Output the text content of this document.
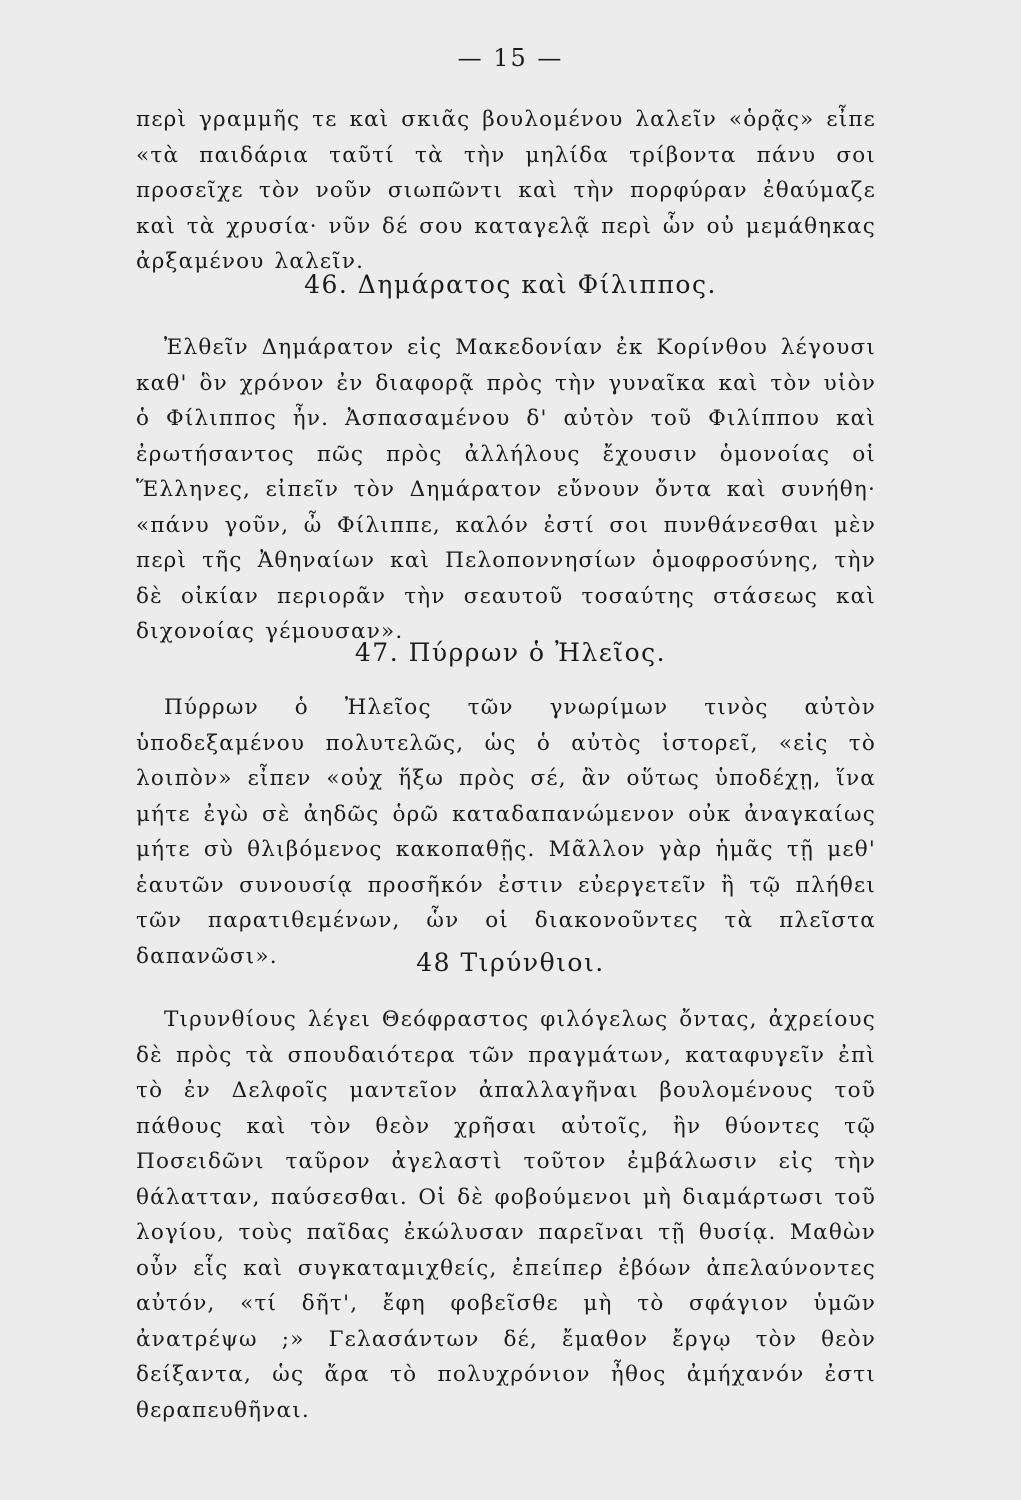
— 15 —

περὶ γραμμῆς τε καὶ σκιᾶς βουλομένου λαλεῖν «ὁρᾷς» εἶπε «τὰ παιδάρια ταῦτί τὰ τὴν μηλίδα τρίβοντα πάνυ σοι προσεῖχε τὸν νοῦν σιωπῶντι καὶ τὴν πορφύραν ἐθαύμαζε καὶ τὰ χρυσία· νῦν δέ σου καταγελᾷ περὶ ὧν οὐ μεμάθηκας ἀρξαμένου λαλεῖν.

46. Δημάρατος καὶ Φίλιππος.

Ἐλθεῖν Δημάρατον εἰς Μακεδονίαν ἐκ Κορίνθου λέγουσι καθ' ὃν χρόνον ἐν διαφορᾷ πρὸς τὴν γυναῖκα καὶ τὸν υἱὸν ὁ Φίλιππος ἦν. Ἀσπασαμένου δ' αὐτὸν τοῦ Φιλίππου καὶ ἐρωτήσαντος πῶς πρὸς ἀλλήλους ἔχουσιν ὁμονοίας οἱ Ἕλληνες, εἰπεῖν τὸν Δημάρατον εὔνουν ὄντα καὶ συνήθη· «πάνυ γοῦν, ὦ Φίλιππε, καλόν ἐστί σοι πυνθάνεσθαι μὲν περὶ τῆς Ἀθηναίων καὶ Πελοποννησίων ὁμοφροσύνης, τὴν δὲ οἰκίαν περιορᾶν τὴν σεαυτοῦ τοσαύτης στάσεως καὶ διχονοίας γέμουσαν».

47. Πύρρων ὁ Ἠλεῖος.

Πύρρων ὁ Ἠλεῖος τῶν γνωρίμων τινὸς αὐτὸν ὑποδεξαμένου πολυτελῶς, ὡς ὁ αὐτὸς ἱστορεῖ, «εἰς τὸ λοιπὸν» εἶπεν «οὐχ ἥξω πρὸς σέ, ἂν οὕτως ὑποδέχῃ, ἵνα μήτε ἐγὼ σὲ ἀηδῶς ὁρῶ καταδαπανώμενον οὐκ ἀναγκαίως μήτε σὺ θλιβόμενος κακοπαθῇς. Μᾶλλον γὰρ ἡμᾶς τῇ μεθ' ἑαυτῶν συνουσίᾳ προσῆκόν ἐστιν εὐεργετεῖν ἢ τῷ πλήθει τῶν παρατιθεμένων, ὧν οἱ διακονοῦντες τὰ πλεῖστα δαπανῶσι».	48 Τιρύνθιοι.

Τιρυνθίους λέγει Θεόφραστος φιλόγελως ὄντας, ἀχρείους δὲ πρὸς τὰ σπουδαιότερα τῶν πραγμάτων, καταφυγεῖν ἐπὶ τὸ ἐν Δελφοῖς μαντεῖον ἀπαλλαγῆναι βουλομένους τοῦ πάθους καὶ τὸν θεὸν χρῆσαι αὐτοῖς, ἢν θύοντες τῷ Ποσειδῶνι ταῦρον ἀγελαστὶ τοῦτον ἐμβάλωσιν εἰς τὴν θάλατταν, παύσεσθαι. Οἱ δὲ φοβούμενοι μὴ διαμάρτωσι τοῦ λογίου, τοὺς παῖδας ἐκώλυσαν παρεῖναι τῇ θυσίᾳ. Μαθὼν οὖν εἷς καὶ συγκαταμιχθείς, ἐπείπερ ἐβόων ἀπελαύνοντες αὐτόν, «τί δῆτ', ἔφη φοβεῖσθε μὴ τὸ σφάγιον ὑμῶν ἀνατρέψω ;» Γελασάντων δέ, ἔμαθον ἔργῳ τὸν θεὸν δείξαντα, ὡς ἄρα τὸ πολυχρόνιον ἦθος ἀμήχανόν ἐστι θεραπευθῆναι.
